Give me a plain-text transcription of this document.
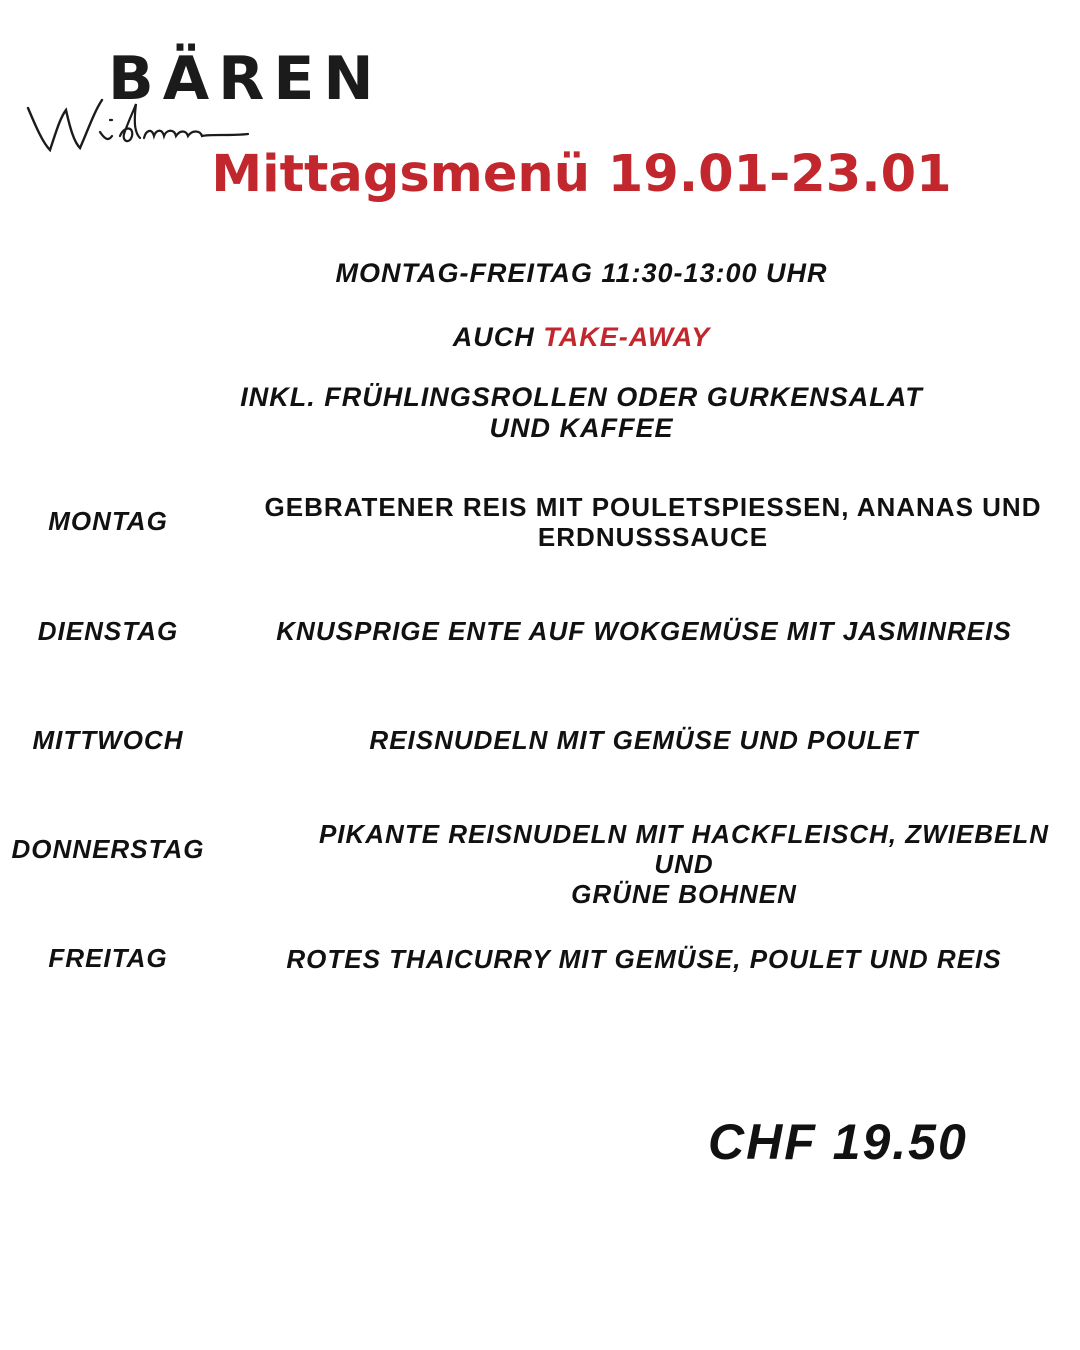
BÄREN
Mittagsmenü 19.01-23.01
MONTAG-FREITAG 11:30-13:00 UHR
AUCH TAKE-AWAY
INKL. FRÜHLINGSROLLEN ODER GURKENSALAT
UND KAFFEE
MONTAG	GEBRATENER REIS MIT POULETSPIESSEN, ANANAS UND
ERDNUSSSAUCE
DIENSTAG	KNUSPRIGE ENTE AUF WOKGEMÜSE MIT JASMINREIS
MITTWOCH	REISNUDELN MIT GEMÜSE UND POULET
DONNERSTAG	PIKANTE REISNUDELN MIT HACKFLEISCH, ZWIEBELN UND
GRÜNE BOHNEN
FREITAG	ROTES THAICURRY MIT GEMÜSE, POULET UND REIS
CHF 19.50
